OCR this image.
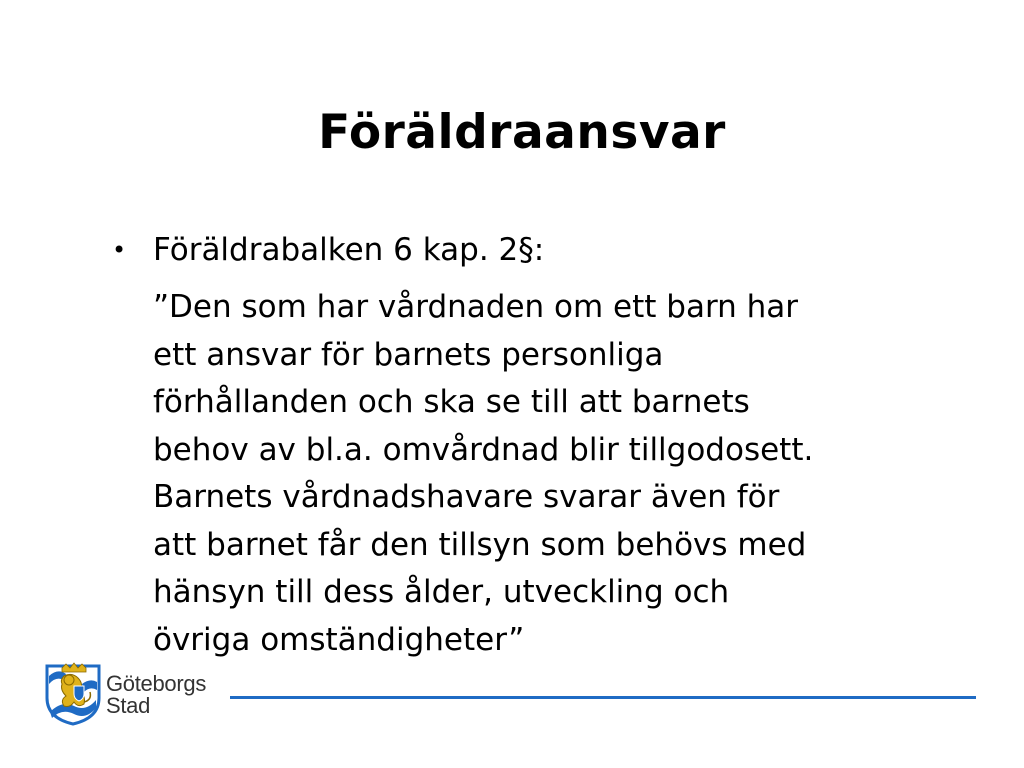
Föräldraansvar
• Föräldrabalken 6 kap. 2§:
”Den som har vårdnaden om ett barn har
ett ansvar för barnets personliga
förhållanden och ska se till att barnets
behov av bl.a. omvårdnad blir tillgodosett.
Barnets vårdnadshavare svarar även för
att barnet får den tillsyn som behövs med
hänsyn till dess ålder, utveckling och
övriga omständigheter”
Göteborgs
Stad
